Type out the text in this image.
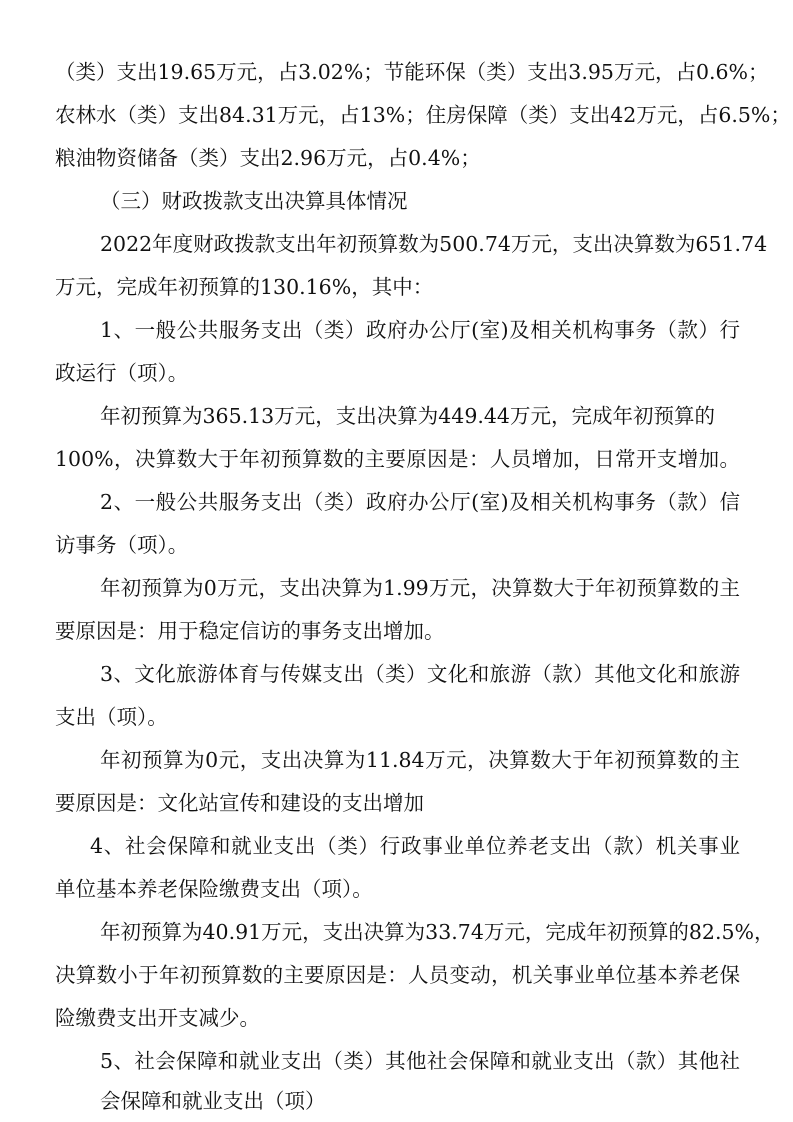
（类）支出19.65万元，占3.02%；节能环保（类）支出3.95万元，占0.6%；
农林水（类）支出84.31万元，占13%；住房保障（类）支出42万元，占6.5%；
粮油物资储备（类）支出2.96万元，占0.4%；
（三）财政拨款支出决算具体情况
2022年度财政拨款支出年初预算数为500.74万元，支出决算数为651.74
万元，完成年初预算的130.16%，其中：
1、一般公共服务支出（类）政府办公厅(室)及相关机构事务（款）行
政运行（项）。
年初预算为365.13万元，支出决算为449.44万元，完成年初预算的
100%，决算数大于年初预算数的主要原因是：人员增加，日常开支增加。
2、一般公共服务支出（类）政府办公厅(室)及相关机构事务（款）信
访事务（项）。
年初预算为0万元，支出决算为1.99万元，决算数大于年初预算数的主
要原因是：用于稳定信访的事务支出增加。
3、文化旅游体育与传媒支出（类）文化和旅游（款）其他文化和旅游
支出（项）。
年初预算为0元，支出决算为11.84万元，决算数大于年初预算数的主
要原因是：文化站宣传和建设的支出增加
4、社会保障和就业支出（类）行政事业单位养老支出（款）机关事业
单位基本养老保险缴费支出（项）。
年初预算为40.91万元，支出决算为33.74万元，完成年初预算的82.5%，
决算数小于年初预算数的主要原因是：人员变动，机关事业单位基本养老保
险缴费支出开支减少。
5、社会保障和就业支出（类）其他社会保障和就业支出（款）其他社
会保障和就业支出（项）
